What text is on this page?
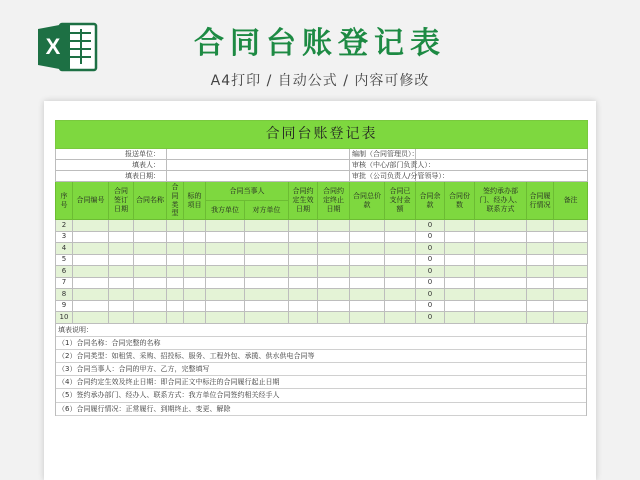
X	合同台账登记表
A4打印 / 自动公式 / 内容可修改
合同台账登记表																
报送单位：										编制（合同管理员）：						
填表人：										审核（中心/部门负责人）：						
填表日期：										审批（公司负责人/分管领导）：						
序号	合同编号	合同签订日期	合同名称	合同类型	标的项目	合同当事人		合同约定生效日期	合同约定终止日期	合同总价款	合同已支付金额	合同余款	合同份数	签约承办部门、经办人、联系方式	合同履行情况	备注
						我方单位	对方单位									
2												0				
3												0				
4												0				
5												0				
6												0				
7												0				
8												0				
9												0				
10												0				
填表说明：
（1）合同名称：合同完整的名称
（2）合同类型：如租赁、采购、招投标、服务、工程外包、承揽、供水供电合同等
（3）合同当事人：合同的甲方、乙方，完整填写
（4）合同约定生效及终止日期：即合同正文中标注的合同履行起止日期
（5）签约承办部门、经办人、联系方式：我方单位合同签约相关经手人
（6）合同履行情况：正常履行、到期终止、变更、解除
